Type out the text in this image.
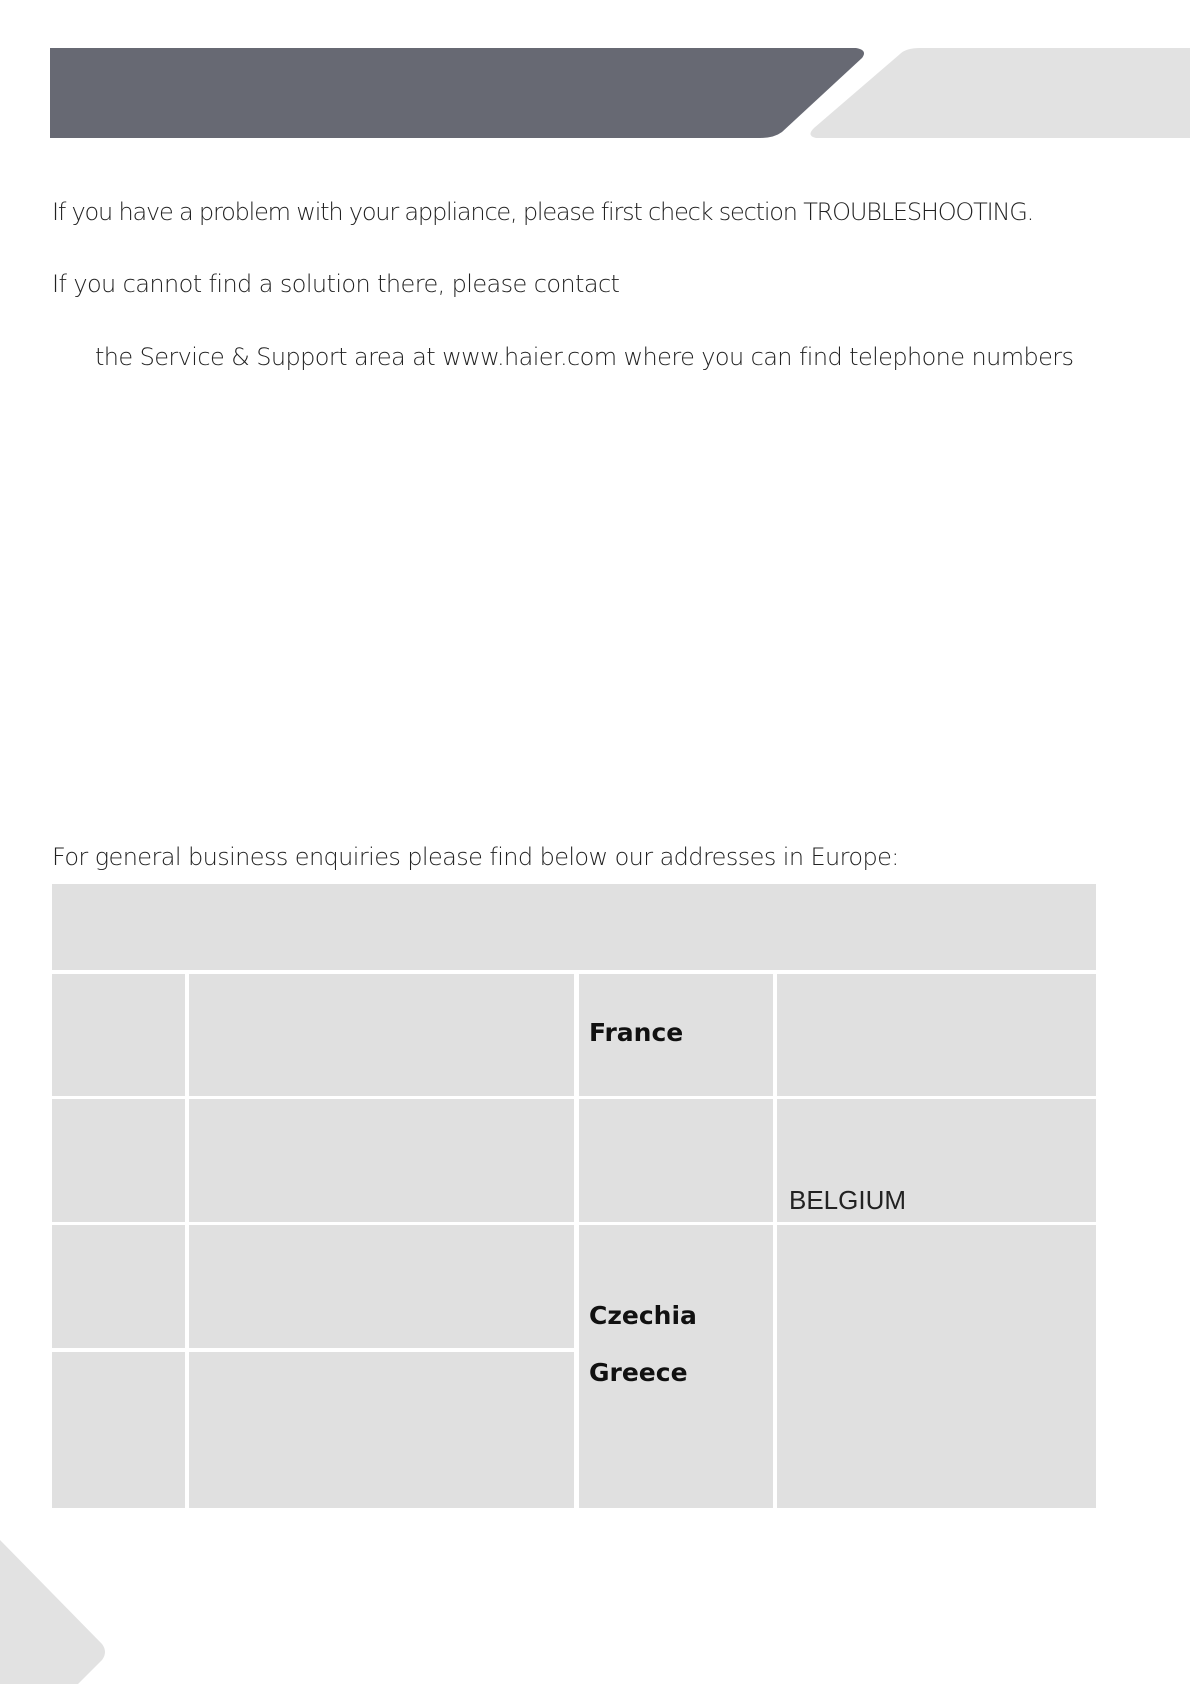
If you have a problem with your appliance, please first check section TROUBLESHOOTING.
If you cannot find a solution there, please contact
the Service & Support area at www.haier.com where you can find telephone numbers
For general business enquiries please find below our addresses in Europe:
France
BELGIUM
Czechia
Greece
